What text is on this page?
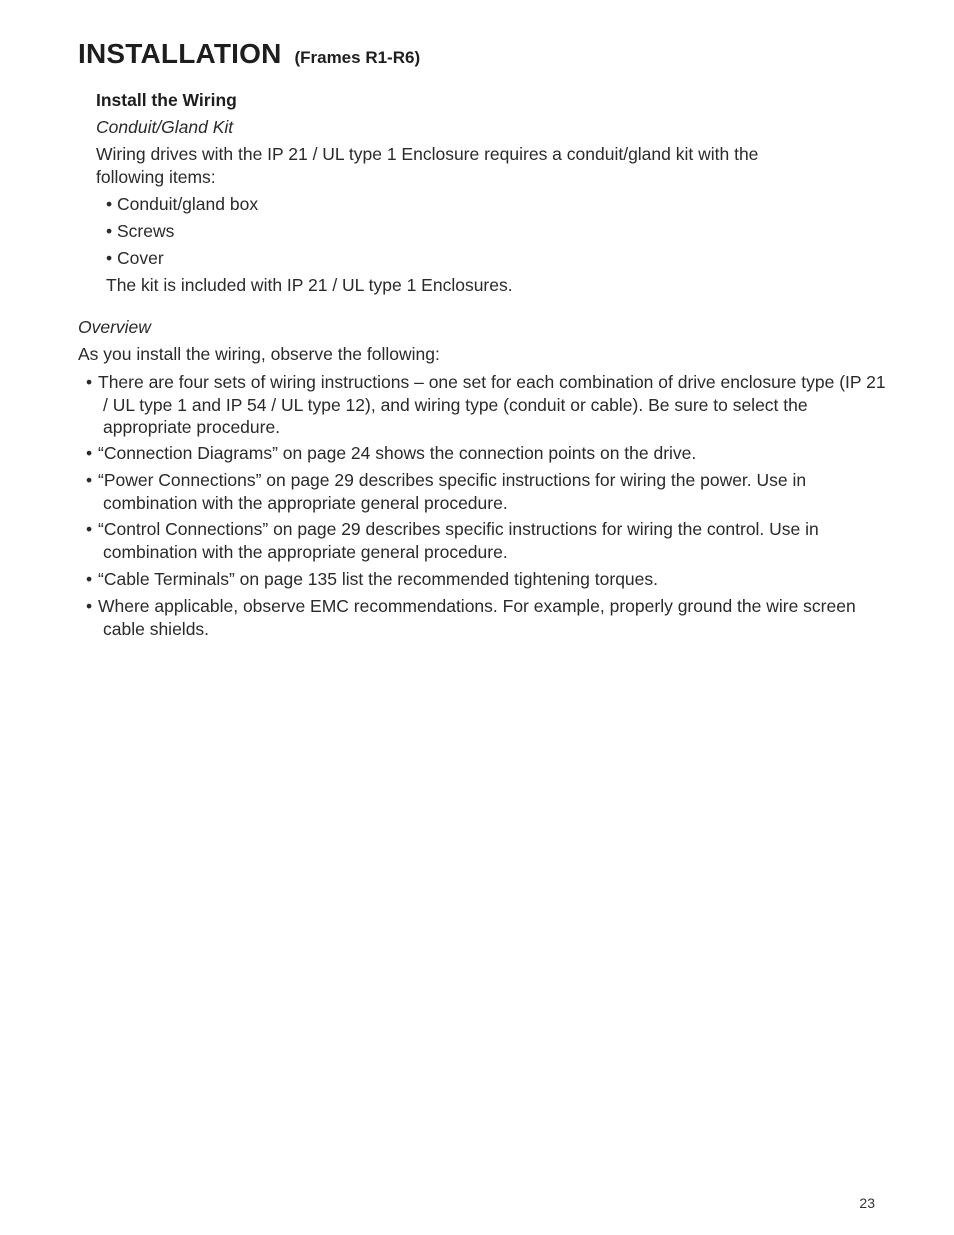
INSTALLATION (Frames R1-R6)
Install the Wiring
Conduit/Gland Kit
Wiring drives with the IP 21 / UL type 1 Enclosure requires a conduit/gland kit with the
following items:
• Conduit/gland box
• Screws
• Cover
The kit is included with IP 21 / UL type 1 Enclosures.
Overview
As you install the wiring, observe the following:
• There are four sets of wiring instructions – one set for each combination of drive enclosure type (IP 21 / UL type 1 and IP 54 / UL type 12), and wiring type (conduit or cable). Be sure to select the appropriate procedure.
• “Connection Diagrams” on page 24 shows the connection points on the drive.
• “Power Connections” on page 29 describes specific instructions for wiring the power. Use in combination with the appropriate general procedure.
• “Control Connections” on page 29 describes specific instructions for wiring the control. Use in combination with the appropriate general procedure.
• “Cable Terminals” on page 135 list the recommended tightening torques.
• Where applicable, observe EMC recommendations. For example, properly ground the wire screen cable shields.
23
